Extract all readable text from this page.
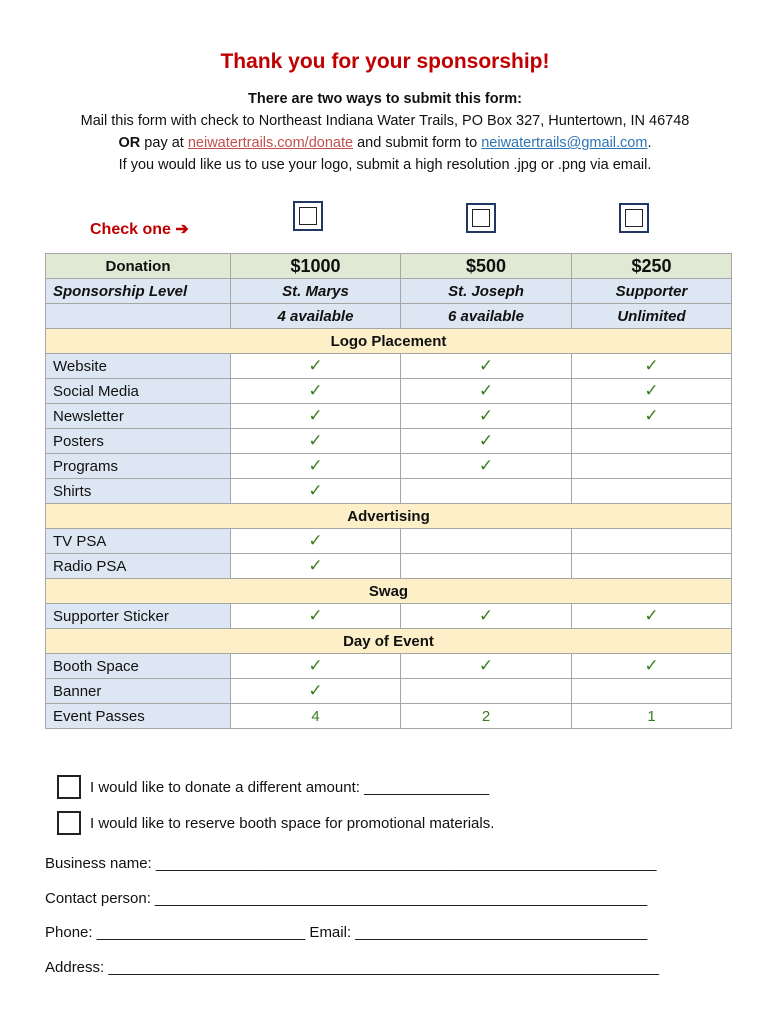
Thank you for your sponsorship!
There are two ways to submit this form:
Mail this form with check to Northeast Indiana Water Trails, PO Box 327, Huntertown, IN 46748
OR pay at neiwatertrails.com/donate and submit form to neiwatertrails@gmail.com.
If you would like us to use your logo, submit a high resolution .jpg or .png via email.
Check one ➔
Donation	$1000	$500	$250
Sponsorship Level	St. Marys	St. Joseph	Supporter
	4 available	6 available	Unlimited
Logo Placement			
Website	✓	✓	✓
Social Media	✓	✓	✓
Newsletter	✓	✓	✓
Posters	✓	✓	
Programs	✓	✓	
Shirts	✓		
Advertising			
TV PSA	✓		
Radio PSA	✓		
Swag			
Supporter Sticker	✓	✓	✓
Day of Event			
Booth Space	✓	✓	✓
Banner	✓		
Event Passes	4	2	1
I would like to donate a different amount: _______________
I would like to reserve booth space for promotional materials.
Business name: ____________________________________________________________
Contact person: ___________________________________________________________
Phone: _________________________ Email: ___________________________________
Address: __________________________________________________________________
